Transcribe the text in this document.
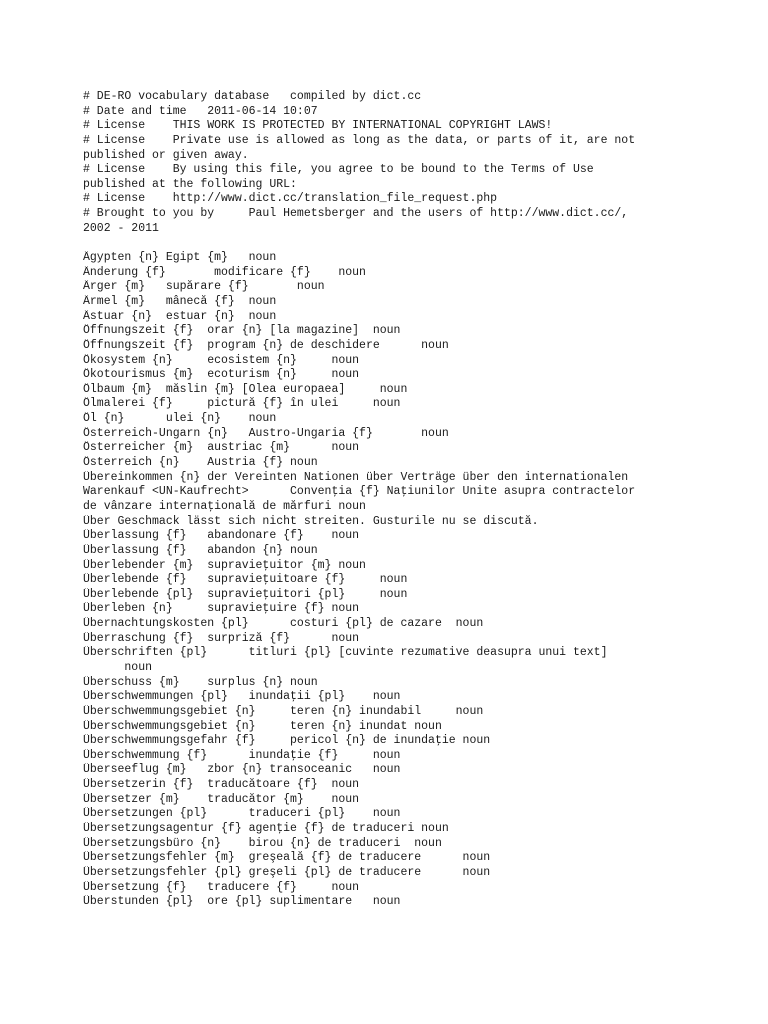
# DE-RO vocabulary database   compiled by dict.cc
# Date and time   2011-06-14 10:07
# License    THIS WORK IS PROTECTED BY INTERNATIONAL COPYRIGHT LAWS!
# License    Private use is allowed as long as the data, or parts of it, are not
published or given away.
# License    By using this file, you agree to be bound to the Terms of Use
published at the following URL:
# License    http://www.dict.cc/translation_file_request.php
# Brought to you by     Paul Hemetsberger and the users of http://www.dict.cc/,
2002 - 2011
Ägypten {n} Egipt {m}   noun
Änderung {f}       modificare {f}    noun
Ärger {m}   supărare {f}       noun
Ärmel {m}   mânecă {f}  noun
Ästuar {n}  estuar {n}  noun
Öffnungszeit {f}  orar {n} [la magazine]  noun
Öffnungszeit {f}  program {n} de deschidere      noun
Ökosystem {n}     ecosistem {n}     noun
Ökotourismus {m}  ecoturism {n}     noun
Ölbaum {m}  măslin {m} [Olea europaea]     noun
Ölmalerei {f}     pictură {f} în ulei     noun
Öl {n}      ulei {n}    noun
Österreich-Ungarn {n}   Austro-Ungaria {f}       noun
Österreicher {m}  austriac {m}      noun
Österreich {n}    Austria {f} noun
Übereinkommen {n} der Vereinten Nationen über Verträge über den internationalen
Warenkauf <UN-Kaufrecht>      Convenţia {f} Naţiunilor Unite asupra contractelor
de vânzare internaţională de mărfuri noun
Über Geschmack lässt sich nicht streiten. Gusturile nu se discută.
Überlassung {f}   abandonare {f}    noun
Überlassung {f}   abandon {n} noun
Überlebender {m}  supravieţuitor {m} noun
Überlebende {f}   supravieţuitoare {f}     noun
Überlebende {pl}  supravieţuitori {pl}     noun
Überleben {n}     supravieţuire {f} noun
Übernachtungskosten {pl}      costuri {pl} de cazare  noun
Überraschung {f}  surpriză {f}      noun
Überschriften {pl}      titluri {pl} [cuvinte rezumative deasupra unui text]
noun
Überschuss {m}    surplus {n} noun
Überschwemmungen {pl}   inundaţii {pl}    noun
Überschwemmungsgebiet {n}     teren {n} inundabil     noun
Überschwemmungsgebiet {n}     teren {n} inundat noun
Überschwemmungsgefahr {f}     pericol {n} de inundaţie noun
Überschwemmung {f}      inundaţie {f}     noun
Überseeflug {m}   zbor {n} transoceanic   noun
Übersetzerin {f}  traducătoare {f}  noun
Übersetzer {m}    traducător {m}    noun
Übersetzungen {pl}      traduceri {pl}    noun
Übersetzungsagentur {f} agenţie {f} de traduceri noun
Übersetzungsbüro {n}    birou {n} de traduceri  noun
Übersetzungsfehler {m}  greşeală {f} de traducere      noun
Übersetzungsfehler {pl} greşeli {pl} de traducere      noun
Übersetzung {f}   traducere {f}     noun
Überstunden {pl}  ore {pl} suplimentare   noun
